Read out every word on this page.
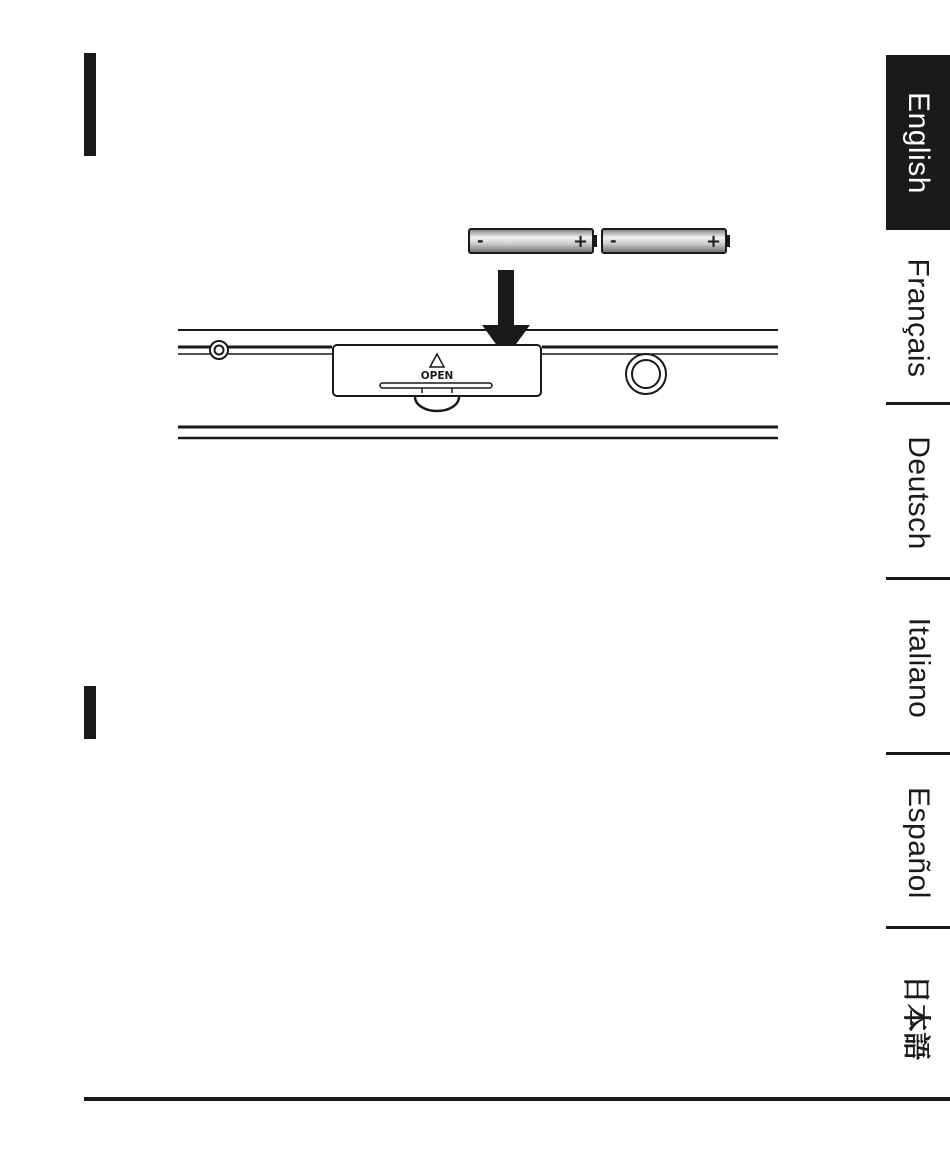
-	+ -	+
OPEN
English
Français
Deutsch
Italiano
Español
日本語
